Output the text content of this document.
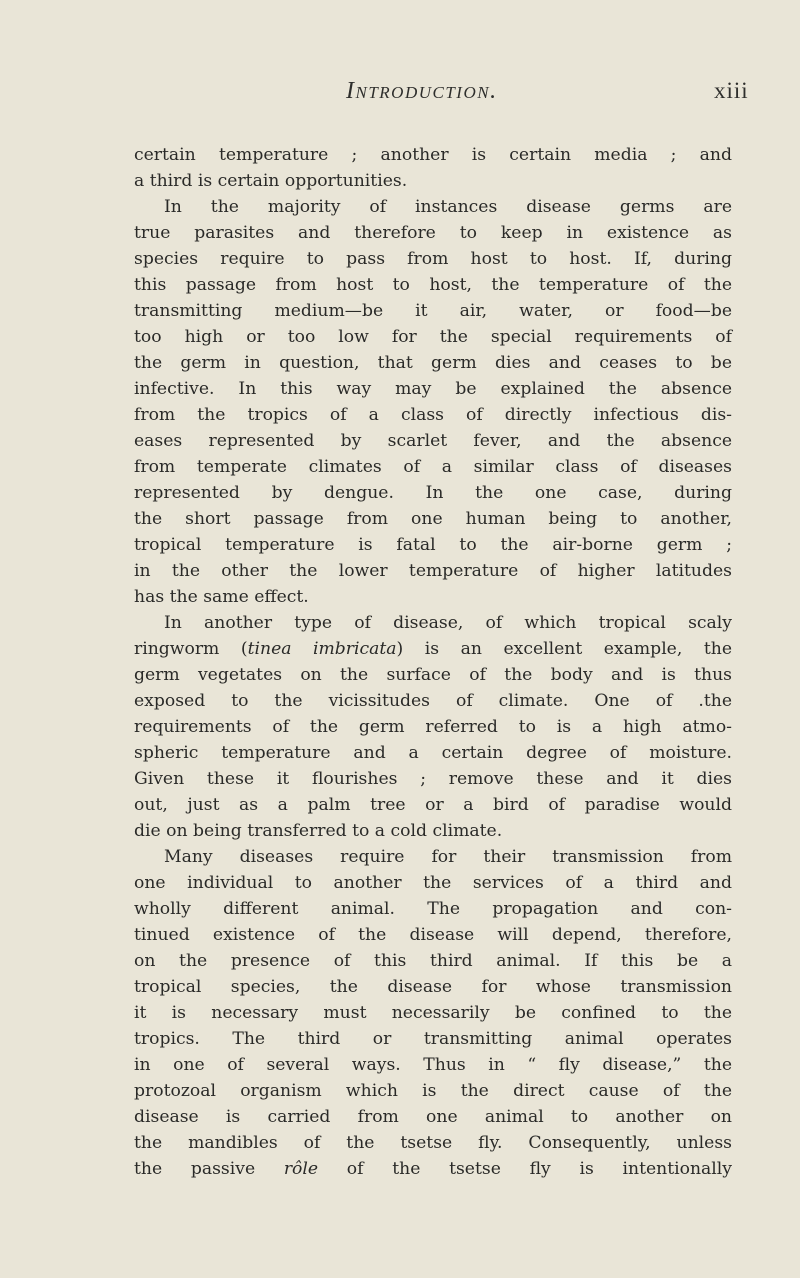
Introduction.	xiii
certain temperature ; another is certain media ; and
a third is certain opportunities.
In the majority of instances disease germs are
true parasites and therefore to keep in existence as
species require to pass from host to host. If, during
this passage from host to host, the temperature of the
transmitting medium—be it air, water, or food—be
too high or too low for the special requirements of
the germ in question, that germ dies and ceases to be
infective. In this way may be explained the absence
from the tropics of a class of directly infectious dis-
eases represented by scarlet fever, and the absence
from temperate climates of a similar class of diseases
represented by dengue. In the one case, during
the short passage from one human being to another,
tropical temperature is fatal to the air-borne germ ;
in the other the lower temperature of higher latitudes
has the same effect.
In another type of disease, of which tropical scaly
ringworm (tinea imbricata) is an excellent example, the
germ vegetates on the surface of the body and is thus
exposed to the vicissitudes of climate. One of .the
requirements of the germ referred to is a high atmo-
spheric temperature and a certain degree of moisture.
Given these it flourishes ; remove these and it dies
out, just as a palm tree or a bird of paradise would
die on being transferred to a cold climate.
Many diseases require for their transmission from
one individual to another the services of a third and
wholly different animal. The propagation and con-
tinued existence of the disease will depend, therefore,
on the presence of this third animal. If this be a
tropical species, the disease for whose transmission
it is necessary must necessarily be confined to the
tropics. The third or transmitting animal operates
in one of several ways. Thus in “ fly disease,” the
protozoal organism which is the direct cause of the
disease is carried from one animal to another on
the mandibles of the tsetse fly. Consequently, unless
the passive rôle of the tsetse fly is intentionally
